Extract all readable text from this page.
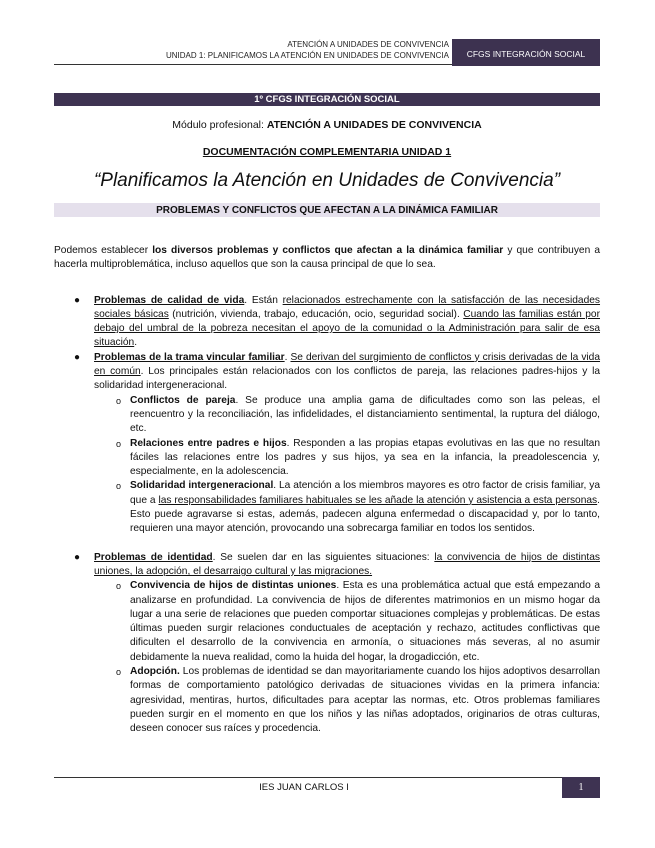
ATENCIÓN A UNIDADES DE CONVIVENCIA
UNIDAD 1: PLANIFICAMOS LA ATENCIÓN EN UNIDADES DE CONVIVENCIA	CFGS INTEGRACIÓN SOCIAL
1º CFGS INTEGRACIÓN SOCIAL
Módulo profesional: ATENCIÓN A UNIDADES DE CONVIVENCIA
DOCUMENTACIÓN COMPLEMENTARIA UNIDAD 1
“Planificamos la Atención en Unidades de Convivencia”
PROBLEMAS Y CONFLICTOS QUE AFECTAN A LA DINÁMICA FAMILIAR

Podemos establecer los diversos problemas y conflictos que afectan a la dinámica familiar y que contribuyen a hacerla multiproblemática, incluso aquellos que son la causa principal de que lo sea.

● Problemas de calidad de vida. Están relacionados estrechamente con la satisfacción de las necesidades sociales básicas (nutrición, vivienda, trabajo, educación, ocio, seguridad social). Cuando las familias están por debajo del umbral de la pobreza necesitan el apoyo de la comunidad o la Administración para salir de esa situación.
● Problemas de la trama vincular familiar. Se derivan del surgimiento de conflictos y crisis derivadas de la vida en común. Los principales están relacionados con los conflictos de pareja, las relaciones padres-hijos y la solidaridad intergeneracional.
o Conflictos de pareja. Se produce una amplia gama de dificultades como son las peleas, el reencuentro y la reconciliación, las infidelidades, el distanciamiento sentimental, la ruptura del diálogo, etc.
o Relaciones entre padres e hijos. Responden a las propias etapas evolutivas en las que no resultan fáciles las relaciones entre los padres y sus hijos, ya sea en la infancia, la preadolescencia y, especialmente, en la adolescencia.
o Solidaridad intergeneracional. La atención a los miembros mayores es otro factor de crisis familiar, ya que a las responsabilidades familiares habituales se les añade la atención y asistencia a esta personas. Esto puede agravarse si estas, además, padecen alguna enfermedad o discapacidad y, por lo tanto, requieren una mayor atención, provocando una sobrecarga familiar en todos los sentidos.
● Problemas de identidad. Se suelen dar en las siguientes situaciones: la convivencia de hijos de distintas uniones, la adopción, el desarraigo cultural y las migraciones.
o Convivencia de hijos de distintas uniones. Esta es una problemática actual que está empezando a analizarse en profundidad. La convivencia de hijos de diferentes matrimonios en un mismo hogar da lugar a una serie de relaciones que pueden comportar situaciones complejas y problemáticas. De estas últimas pueden surgir relaciones conductuales de aceptación y rechazo, actitudes conflictivas que dificulten el desarrollo de la convivencia en armonía, o situaciones más severas, al no asumir debidamente la nueva realidad, como la huida del hogar, la drogadicción, etc.
o Adopción. Los problemas de identidad se dan mayoritariamente cuando los hijos adoptivos desarrollan formas de comportamiento patológico derivadas de situaciones vividas en la primera infancia: agresividad, mentiras, hurtos, dificultades para aceptar las normas, etc. Otros problemas familiares pueden surgir en el momento en que los niños y las niñas adoptados, originarios de otras culturas, deseen conocer sus raíces y procedencia.
IES JUAN CARLOS I	1
